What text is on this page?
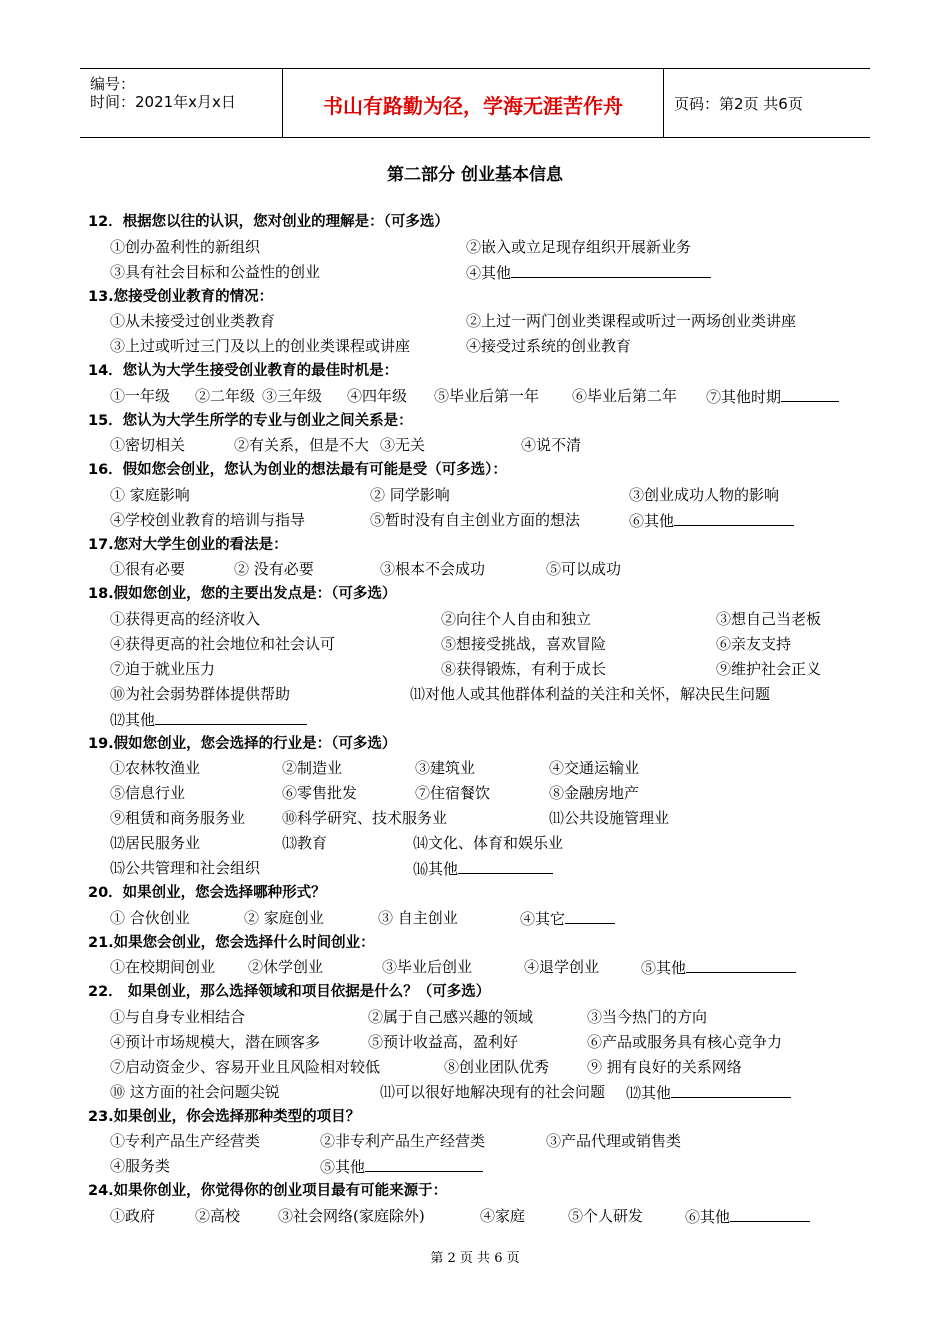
编号：
时间：2021年x月x日	书山有路勤为径，学海无涯苦作舟	页码：第2页 共6页
第二部分 创业基本信息
12．根据您以往的认识，您对创业的理解是：（可多选）
①创办盈利性的新组织	②嵌入或立足现存组织开展新业务
③具有社会目标和公益性的创业	④其他
13.您接受创业教育的情况：
①从未接受过创业类教育	②上过一两门创业类课程或听过一两场创业类讲座
③上过或听过三门及以上的创业类课程或讲座	④接受过系统的创业教育
14．您认为大学生接受创业教育的最佳时机是：
①一年级 ②二年级 ③三年级 ④四年级 ⑤毕业后第一年 ⑥毕业后第二年 ⑦其他时期
15．您认为大学生所学的专业与创业之间关系是：
①密切相关	②有关系，但是不大 ③无关	④说不清
16．假如您会创业，您认为创业的想法最有可能是受（可多选）：
① 家庭影响	② 同学影响	③创业成功人物的影响
④学校创业教育的培训与指导	⑤暂时没有自主创业方面的想法	⑥其他
17.您对大学生创业的看法是：
①很有必要	② 没有必要	③根本不会成功	⑤可以成功
18.假如您创业，您的主要出发点是：（可多选）
①获得更高的经济收入	②向往个人自由和独立	③想自己当老板
④获得更高的社会地位和社会认可	⑤想接受挑战，喜欢冒险	⑥亲友支持
⑦迫于就业压力	⑧获得锻炼，有利于成长	⑨维护社会正义
⑩为社会弱势群体提供帮助	⑾对他人或其他群体利益的关注和关怀，解决民生问题
⑿其他
19.假如您创业，您会选择的行业是：（可多选）
①农林牧渔业	②制造业	③建筑业	④交通运输业
⑤信息行业	⑥零售批发	⑦住宿餐饮	⑧金融房地产
⑨租赁和商务服务业 ⑩科学研究、技术服务业	⑾公共设施管理业
⑿居民服务业	⒀教育	⒁文化、体育和娱乐业
⒂公共管理和社会组织	⒃其他
20．如果创业，您会选择哪种形式？
① 合伙创业	② 家庭创业	③ 自主创业	④其它
21.如果您会创业，您会选择什么时间创业：
①在校期间创业 ②休学创业	③毕业后创业	④退学创业	⑤其他
22． 如果创业，那么选择领域和项目依据是什么？（可多选）
①与自身专业相结合	②属于自己感兴趣的领域	③当今热门的方向
④预计市场规模大，潜在顾客多	⑤预计收益高，盈利好	⑥产品或服务具有核心竞争力
⑦启动资金少、容易开业且风险相对较低	⑧创业团队优秀	⑨ 拥有良好的关系网络
⑩ 这方面的社会问题尖锐	⑾可以很好地解决现有的社会问题 ⑿其他
23.如果创业，你会选择那种类型的项目？
①专利产品生产经营类	②非专利产品生产经营类	③产品代理或销售类
④服务类	⑤其他
24.如果你创业，你觉得你的创业项目最有可能来源于：
①政府	②高校	③社会网络(家庭除外)	④家庭	⑤个人研发	⑥其他
第 2 页 共 6 页
